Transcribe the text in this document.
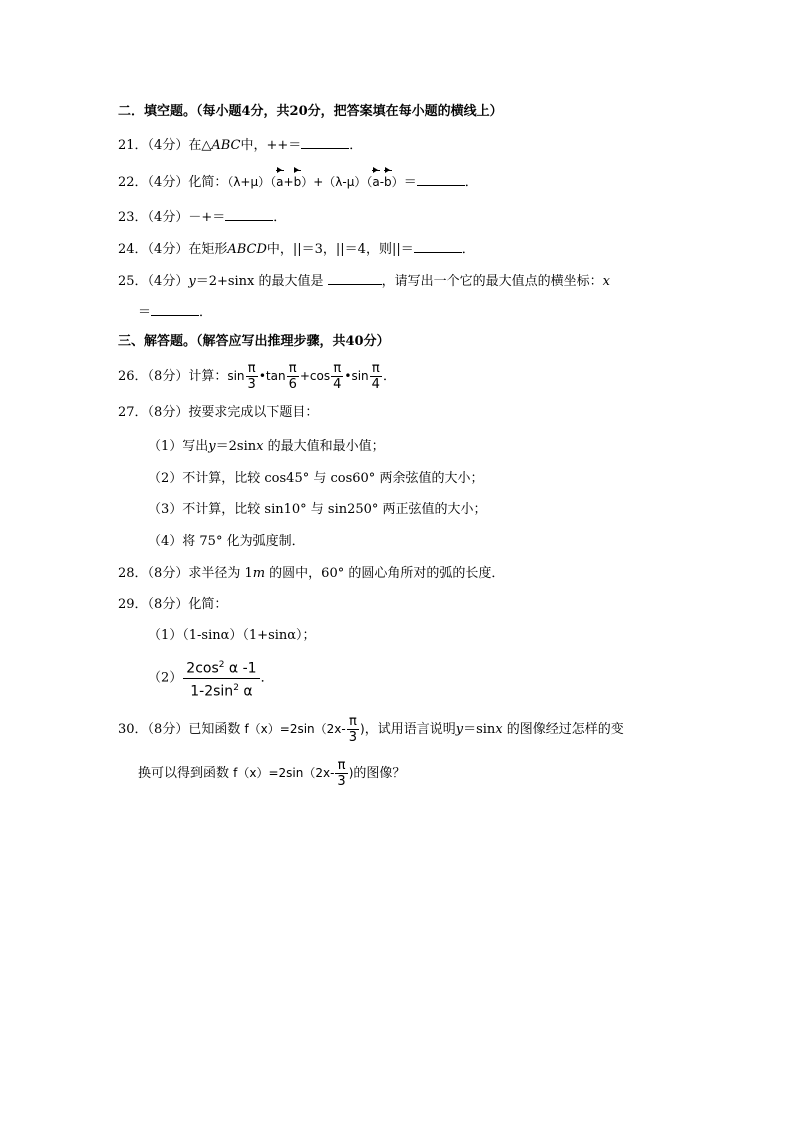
二．填空题。（每小题4分，共20分，把答案填在每小题的横线上）
21．（4分）在△ABC中，++＝	．
22．（4分）化简：（λ+μ）（a+b）+（λ-μ）（a-b）＝	．
23．（4分）－+＝	．
24．（4分）在矩形ABCD中，||＝3，||＝4，则||＝	．
25．（4分）y＝2+sinx 的最大值是	，请写出一个它的最大值点的横坐标：x
＝	．
三、解答题。（解答应写出推理步骤，共40分）
26．（8分）计算：$\sin \frac{\pi}{3}$ •tan $\frac{\pi}{6} +\cos \frac{\pi}{4}$ •sin $\frac{\pi}{4}$ ．
27．（8分）按要求完成以下题目：
（1）写出y＝2sinx 的最大值和最小值；
（2）不计算，比较 cos45° 与 cos60° 两余弦值的大小；
（3）不计算，比较 sin10° 与 sin250° 两正弦值的大小；
（4）将 75° 化为弧度制．
28．（8分）求半径为 1m 的圆中，60° 的圆心角所对的弧的长度．
29．（8分）化简：
（1）（1-sinα）（1+sinα）；
$(2) \frac{2\cos^2 \alpha -1}{1-2\sin^2 \alpha}$ ．
30．（8分）已知函数 $f(x)=2\sin(2x- \frac{\pi}{3}$ )，试用语言说明y＝sinx 的图像经过怎样的变
换可以得到函数 $f(x)=2\sin(2x- \frac{\pi}{3}$ )的图像？
